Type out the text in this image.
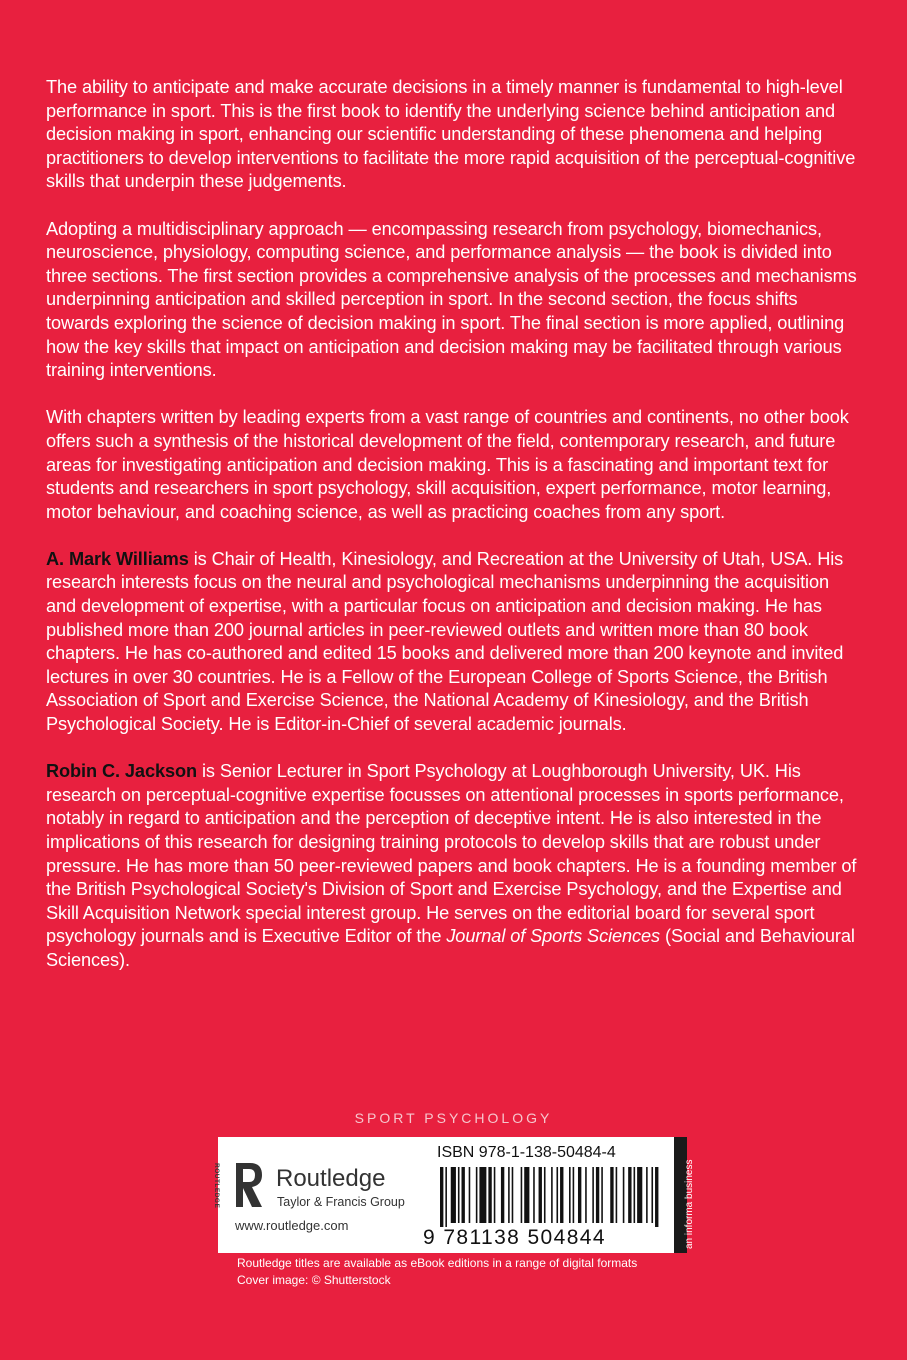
The ability to anticipate and make accurate decisions in a timely manner is fundamental to high-level performance in sport. This is the first book to identify the underlying science behind anticipation and decision making in sport, enhancing our scientific understanding of these phenomena and helping practitioners to develop interventions to facilitate the more rapid acquisition of the perceptual-cognitive skills that underpin these judgements.

Adopting a multidisciplinary approach — encompassing research from psychology, biomechanics, neuroscience, physiology, computing science, and performance analysis — the book is divided into three sections. The first section provides a comprehensive analysis of the processes and mechanisms underpinning anticipation and skilled perception in sport. In the second section, the focus shifts towards exploring the science of decision making in sport. The final section is more applied, outlining how the key skills that impact on anticipation and decision making may be facilitated through various training interventions.

With chapters written by leading experts from a vast range of countries and continents, no other book offers such a synthesis of the historical development of the field, contemporary research, and future areas for investigating anticipation and decision making. This is a fascinating and important text for students and researchers in sport psychology, skill acquisition, expert performance, motor learning, motor behaviour, and coaching science, as well as practicing coaches from any sport.

A. Mark Williams is Chair of Health, Kinesiology, and Recreation at the University of Utah, USA. His research interests focus on the neural and psychological mechanisms underpinning the acquisition and development of expertise, with a particular focus on anticipation and decision making. He has published more than 200 journal articles in peer-reviewed outlets and written more than 80 book chapters. He has co-authored and edited 15 books and delivered more than 200 keynote and invited lectures in over 30 countries. He is a Fellow of the European College of Sports Science, the British Association of Sport and Exercise Science, the National Academy of Kinesiology, and the British Psychological Society. He is Editor-in-Chief of several academic journals.

Robin C. Jackson is Senior Lecturer in Sport Psychology at Loughborough University, UK. His research on perceptual-cognitive expertise focusses on attentional processes in sports performance, notably in regard to anticipation and the perception of deceptive intent. He is also interested in the implications of this research for designing training protocols to develop skills that are robust under pressure. He has more than 50 peer-reviewed papers and book chapters. He is a founding member of the British Psychological Society's Division of Sport and Exercise Psychology, and the Expertise and Skill Acquisition Network special interest group. He serves on the editorial board for several sport psychology journals and is Executive Editor of the Journal of Sports Sciences (Social and Behavioural Sciences).

SPORT PSYCHOLOGY
ROUTLEDGE Routledge
Taylor & Francis Group
www.routledge.com
ISBN 978-1-138-50484-4
9 781138 504844	an informa business
Routledge titles are available as eBook editions in a range of digital formats
Cover image: © Shutterstock
